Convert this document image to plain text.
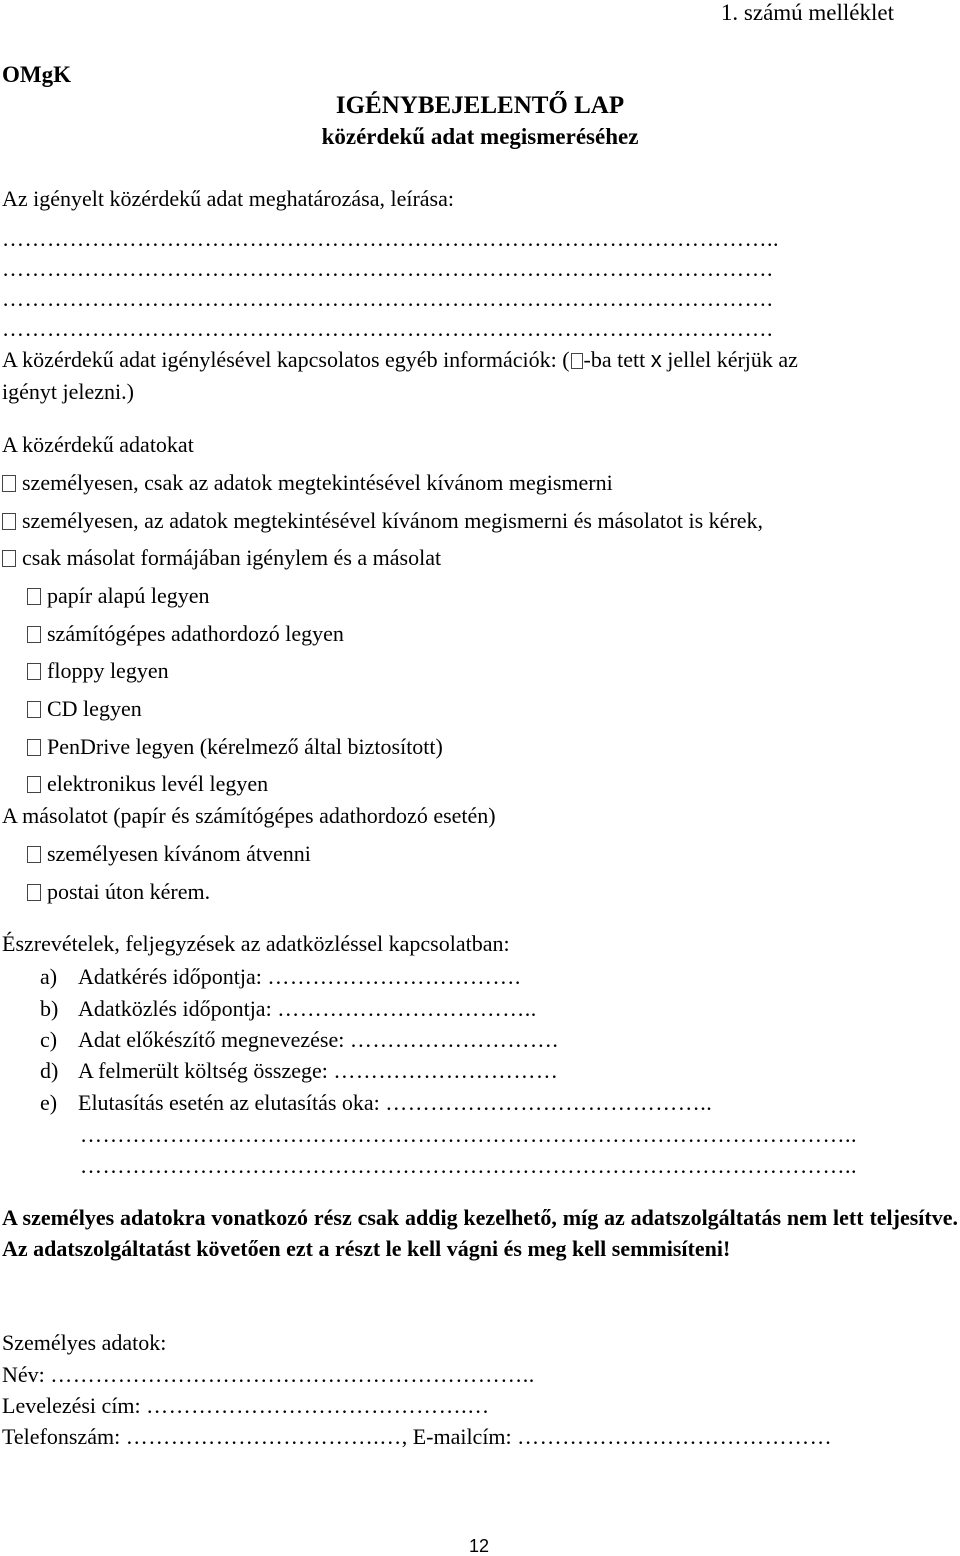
1. számú melléklet
OMgK
IGÉNYBEJELENTŐ LAP
közérdekű adat megismeréséhez
Az igényelt közérdekű adat meghatározása, leírása:
…………………………………………………………………………………………..
………………………………………………………………………………………….
………………………………………………………………………………………….
………………………………………………………………………………………….
A közérdekű adat igénylésével kapcsolatos egyéb információk: ( -ba tett x jellel kérjük az
igényt jelezni.)
A közérdekű adatokat
személyesen, csak az adatok megtekintésével kívánom megismerni
személyesen, az adatok megtekintésével kívánom megismerni és másolatot is kérek,
csak másolat formájában igénylem és a másolat
papír alapú legyen
számítógépes adathordozó legyen
floppy legyen
CD legyen
PenDrive legyen (kérelmező által biztosított)
elektronikus levél legyen
A másolatot (papír és számítógépes adathordozó esetén)
személyesen kívánom átvenni
postai úton kérem.
Észrevételek, feljegyzések az adatközléssel kapcsolatban:
a) Adatkérés időpontja: …………………………….
b) Adatközlés időpontja: ……………………………..
c) Adat előkészítő megnevezése: ……………………….
d) A felmerült költség összege: …………………………
e) Elutasítás esetén az elutasítás oka: ……………………………………..
…………………………………………………………………………………………..
…………………………………………………………………………………………..
A személyes adatokra vonatkozó rész csak addig kezelhető, míg az adatszolgáltatás nem lett teljesítve. Az adatszolgáltatást követően ezt a részt le kell vágni és meg kell semmisíteni!
Személyes adatok:
Név: ………………………………………………………..
Levelezési cím: …………………………………….…
Telefonszám: …………………………….…, E-mailcím: ……………………………………
12
